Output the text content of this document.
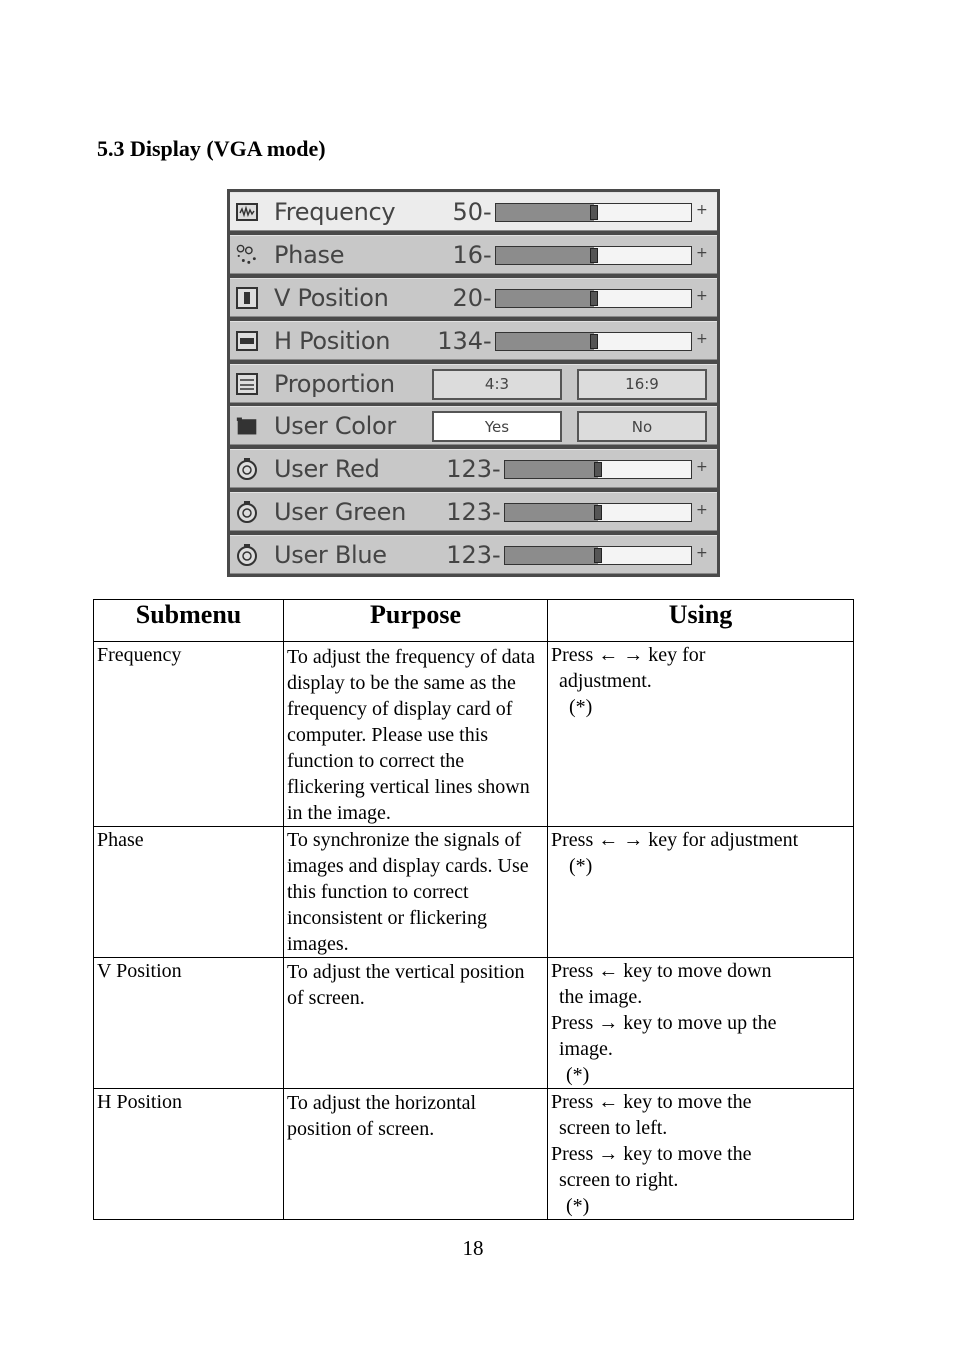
5.3 Display (VGA mode)
Frequency 50 -	+
Phase	16 -	+
V Position	20 -	+
H Position 134 -	+
Proportion	4:3	16:9
User Color	Yes	No
User Red	123 -	+
User Green 123 -	+
User Blue 123 -	+
Submenu	Purpose	Using
Frequency	To adjust the frequency of data display to be the same as the frequency of display card of computer. Please use this function to correct the flickering vertical lines shown in the image.	Press ← → key for
adjustment.
(*)

Phase	To synchronize the signals of images and display cards. Use this function to correct inconsistent or flickering images.	Press ← → key for adjustment
(*)

V Position	To adjust the vertical position of screen.	Press ← key to move down
the image.
Press → key to move up the
image.
(*)

H Position	To adjust the horizontal position of screen.	Press ← key to move the
screen to left.
Press → key to move the
screen to right.
(*)
18
